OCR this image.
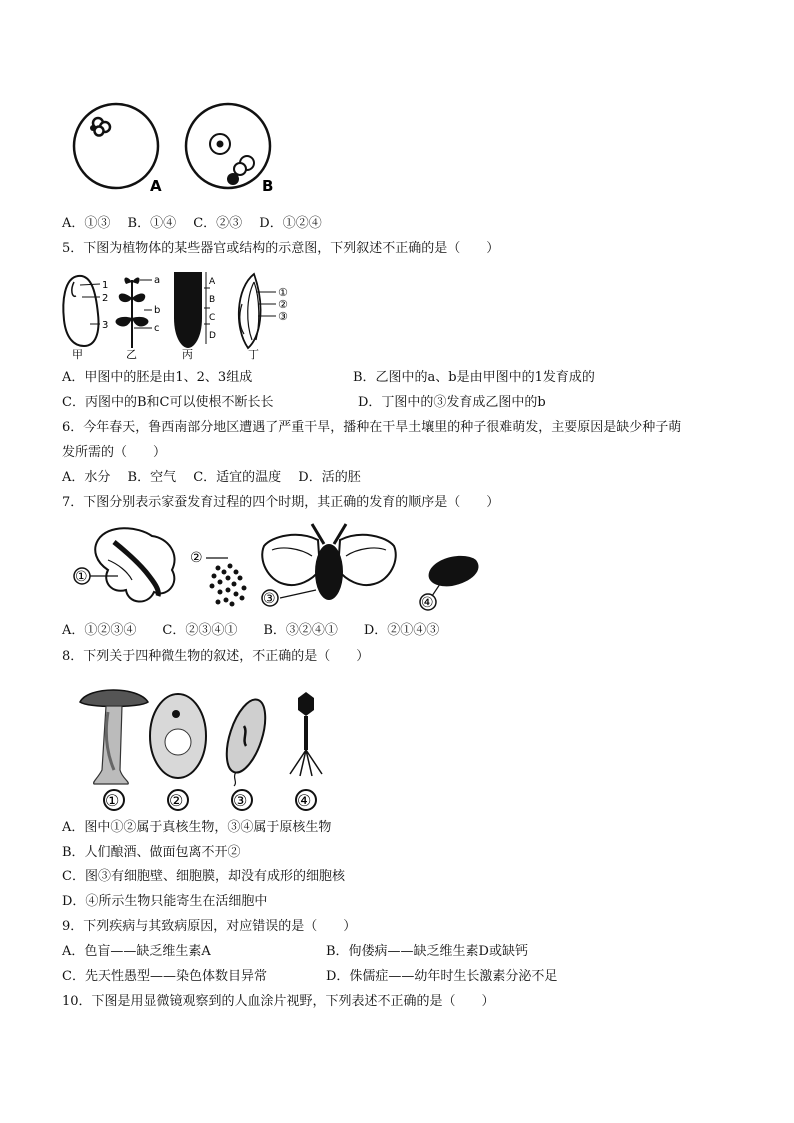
A	B
A．①③　 B．①④　 C．②③　 D．①②④
5．下图为植物体的某些器官或结构的示意图，下列叙述不正确的是（　　）
1
2
3
甲
a
b
c
乙
A
B
C
D
丙
①
②
③
丁
A．甲图中的胚是由1、2、3组成	B．乙图中的a、b是由甲图中的1发育成的
C．丙图中的B和C可以使根不断长长	D．丁图中的③发育成乙图中的b
6．今年春天，鲁西南部分地区遭遇了严重干旱，播种在干旱土壤里的种子很难萌发，主要原因是缺少种子萌
发所需的（　　）
A．水分　 B．空气　 C．适宜的温度　 D．活的胚
7．下图分别表示家蚕发育过程的四个时期，其正确的发育的顺序是（　　）
①
②
③	④
A．①②③④　　C．②③④①　　B．③②④①　　D．②①④③
8．下列关于四种微生物的叙述，不正确的是（　　）
①	②	③	④
A．图中①②属于真核生物，③④属于原核生物
B．人们酿酒、做面包离不开②
C．图③有细胞壁、细胞膜，却没有成形的细胞核
D．④所示生物只能寄生在活细胞中
9．下列疾病与其致病原因，对应错误的是（　　）
A．色盲——缺乏维生素A	B．佝偻病——缺乏维生素D或缺钙
C．先天性愚型——染色体数目异常	D．侏儒症——幼年时生长激素分泌不足
10．下图是用显微镜观察到的人血涂片视野，下列表述不正确的是（　　）
